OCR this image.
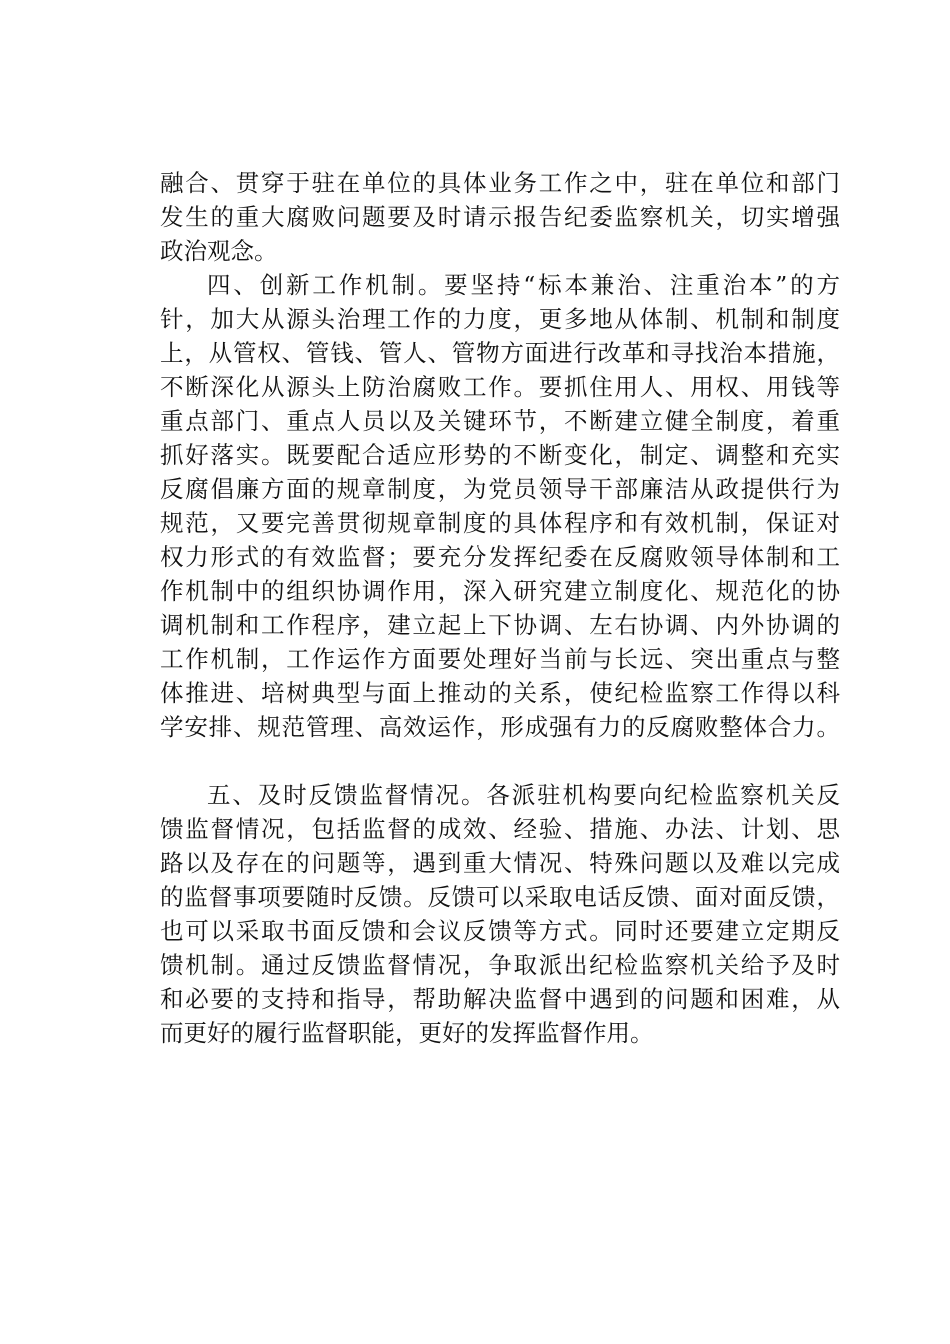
融合、贯穿于驻在单位的具体业务工作之中，驻在单位和部门
发生的重大腐败问题要及时请示报告纪委监察机关，切实增强
政治观念。
四、创新工作机制。要坚持“标本兼治、注重治本”的方
针，加大从源头治理工作的力度，更多地从体制、机制和制度
上，从管权、管钱、管人、管物方面进行改革和寻找治本措施，
不断深化从源头上防治腐败工作。要抓住用人、用权、用钱等
重点部门、重点人员以及关键环节，不断建立健全制度，着重
抓好落实。既要配合适应形势的不断变化，制定、调整和充实
反腐倡廉方面的规章制度，为党员领导干部廉洁从政提供行为
规范，又要完善贯彻规章制度的具体程序和有效机制，保证对
权力形式的有效监督；要充分发挥纪委在反腐败领导体制和工
作机制中的组织协调作用，深入研究建立制度化、规范化的协
调机制和工作程序，建立起上下协调、左右协调、内外协调的
工作机制，工作运作方面要处理好当前与长远、突出重点与整
体推进、培树典型与面上推动的关系，使纪检监察工作得以科
学安排、规范管理、高效运作，形成强有力的反腐败整体合力。
五、及时反馈监督情况。各派驻机构要向纪检监察机关反
馈监督情况，包括监督的成效、经验、措施、办法、计划、思
路以及存在的问题等，遇到重大情况、特殊问题以及难以完成
的监督事项要随时反馈。反馈可以采取电话反馈、面对面反馈，
也可以采取书面反馈和会议反馈等方式。同时还要建立定期反
馈机制。通过反馈监督情况，争取派出纪检监察机关给予及时
和必要的支持和指导，帮助解决监督中遇到的问题和困难，从
而更好的履行监督职能，更好的发挥监督作用。
